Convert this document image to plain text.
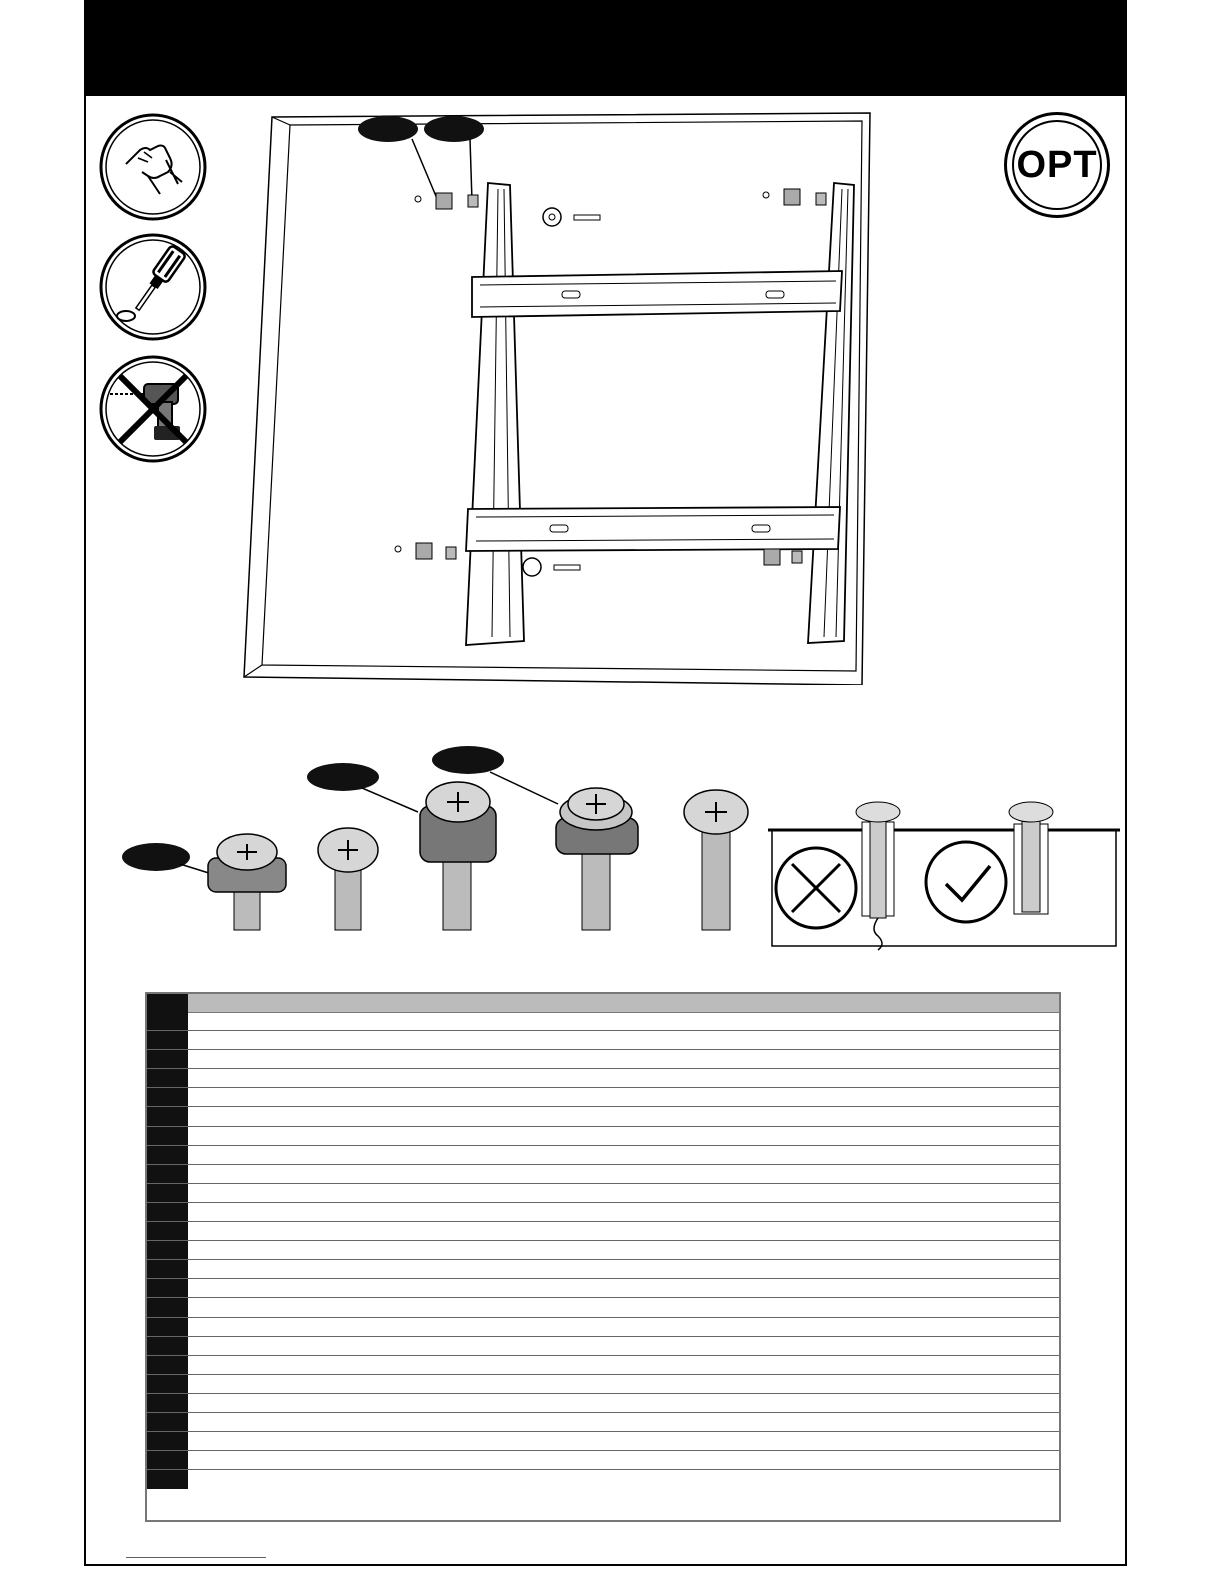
OPT
